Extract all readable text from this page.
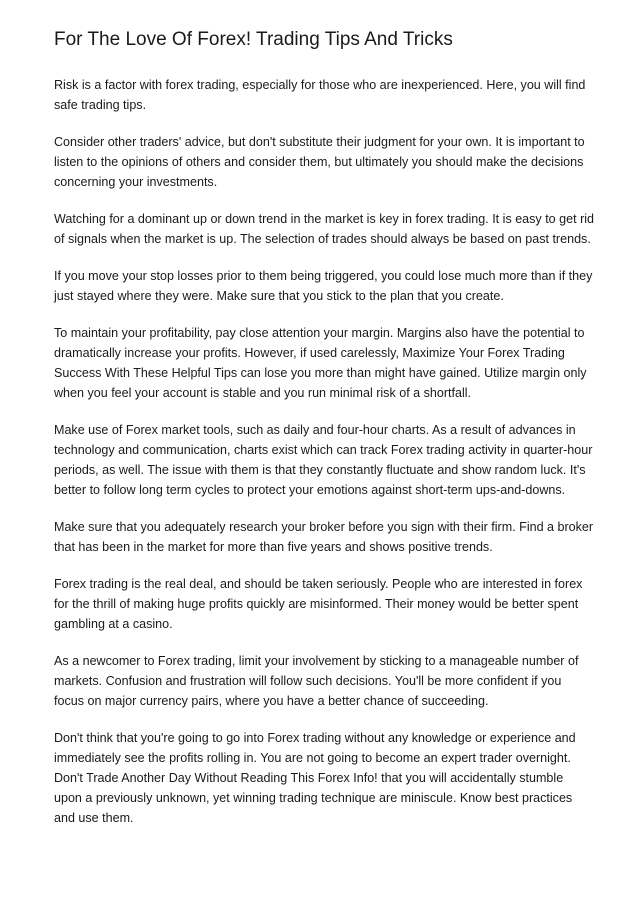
For The Love Of Forex! Trading Tips And Tricks

Risk is a factor with forex trading, especially for those who are inexperienced. Here, you will find safe trading tips.

Consider other traders' advice, but don't substitute their judgment for your own. It is important to listen to the opinions of others and consider them, but ultimately you should make the decisions concerning your investments.

Watching for a dominant up or down trend in the market is key in forex trading. It is easy to get rid of signals when the market is up. The selection of trades should always be based on past trends.

If you move your stop losses prior to them being triggered, you could lose much more than if they just stayed where they were. Make sure that you stick to the plan that you create.

To maintain your profitability, pay close attention your margin. Margins also have the potential to dramatically increase your profits. However, if used carelessly, Maximize Your Forex Trading Success With These Helpful Tips can lose you more than might have gained. Utilize margin only when you feel your account is stable and you run minimal risk of a shortfall.

Make use of Forex market tools, such as daily and four-hour charts. As a result of advances in technology and communication, charts exist which can track Forex trading activity in quarter-hour periods, as well. The issue with them is that they constantly fluctuate and show random luck. It's better to follow long term cycles to protect your emotions against short-term ups-and-downs.

Make sure that you adequately research your broker before you sign with their firm. Find a broker that has been in the market for more than five years and shows positive trends.

Forex trading is the real deal, and should be taken seriously. People who are interested in forex for the thrill of making huge profits quickly are misinformed. Their money would be better spent gambling at a casino.

As a newcomer to Forex trading, limit your involvement by sticking to a manageable number of markets. Confusion and frustration will follow such decisions. You'll be more confident if you focus on major currency pairs, where you have a better chance of succeeding.

Don't think that you're going to go into Forex trading without any knowledge or experience and immediately see the profits rolling in. You are not going to become an expert trader overnight. Don't Trade Another Day Without Reading This Forex Info! that you will accidentally stumble upon a previously unknown, yet winning trading technique are miniscule. Know best practices and use them.
